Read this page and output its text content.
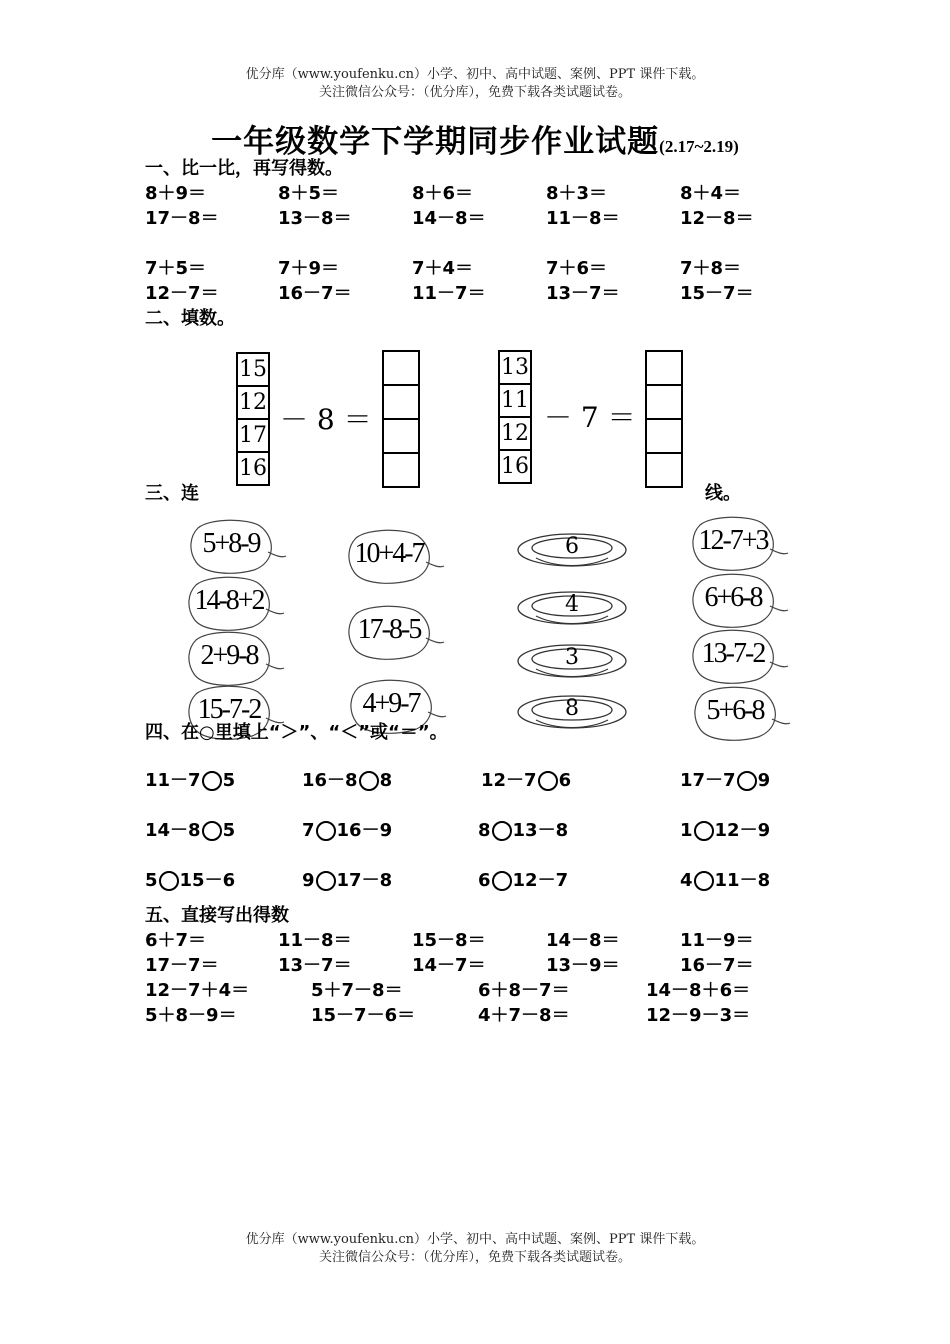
优分库（www.youfenku.cn）小学、初中、高中试题、案例、PPT 课件下载。
关注微信公众号：（优分库），免费下载各类试题试卷。
一年级数学下学期同步作业试题(2.17~2.19)
一、比一比，再写得数。
8＋9＝	8＋5＝	8＋6＝	8＋3＝	8＋4＝
17－8＝	13－8＝	14－8＝	11－8＝	12－8＝
7＋5＝	7＋9＝	7＋4＝	7＋6＝	7＋8＝
12－7＝	16－7＝	11－7＝	13－7＝	15－7＝
二、填数。
15
12
17
16
－ 8 ＝
13
11
12
16
－ 7 ＝
三、连	线。
5+8-9
14-8+2
2+9-8
15-7-2
10+4-7
17-8-5
4+9-7
6
4
3
8
12-7+3
6+6-8
13-7-2
5+6-8
四、在○里填上“＞”、“＜”或“＝”。
11－7 5	16－8 8	12－7 6	17－7 9
14－8 5	7 16－9	8 13－8	1 12－9
5 15－6	9 17－8	6 12－7	4 11－8
五、直接写出得数
6＋7＝	11－8＝	15－8＝	14－8＝	11－9＝
17－7＝	13－7＝	14－7＝	13－9＝	16－7＝
12－7＋4＝	5＋7－8＝	6＋8－7＝	14－8＋6＝
5＋8－9＝	15－7－6＝	4＋7－8＝	12－9－3＝
优分库（www.youfenku.cn）小学、初中、高中试题、案例、PPT 课件下载。
关注微信公众号：（优分库），免费下载各类试题试卷。
